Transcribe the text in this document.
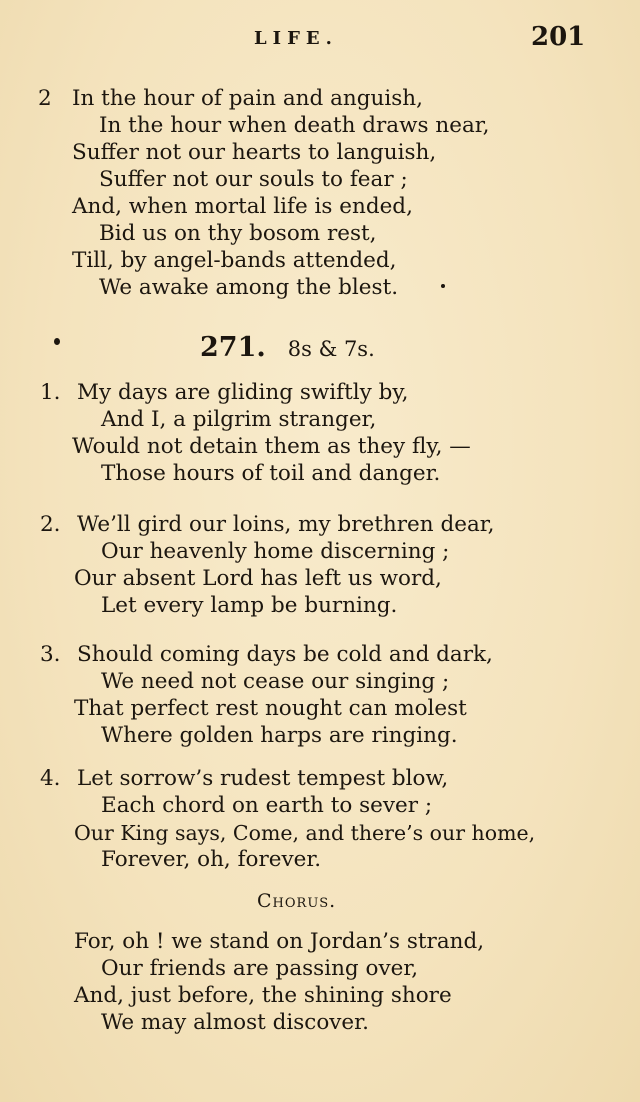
LIFE.	201
2 In the hour of pain and anguish,
In the hour when death draws near,
Suffer not our hearts to languish,
Suffer not our souls to fear ;
And, when mortal life is ended,
Bid us on thy bosom rest,
Till, by angel-bands attended,
We awake among the blest.
271. 8s & 7s.
1. My days are gliding swiftly by,
And I, a pilgrim stranger,
Would not detain them as they fly, —
Those hours of toil and danger.
2. We’ll gird our loins, my brethren dear,
Our heavenly home discerning ;
Our absent Lord has left us word,
Let every lamp be burning.
3. Should coming days be cold and dark,
We need not cease our singing ;
That perfect rest nought can molest
Where golden harps are ringing.
4. Let sorrow’s rudest tempest blow,
Each chord on earth to sever ;
Our King says, Come, and there’s our home,
Forever, oh, forever.
Chorus.
For, oh ! we stand on Jordan’s strand,
Our friends are passing over,
And, just before, the shining shore
We may almost discover.
